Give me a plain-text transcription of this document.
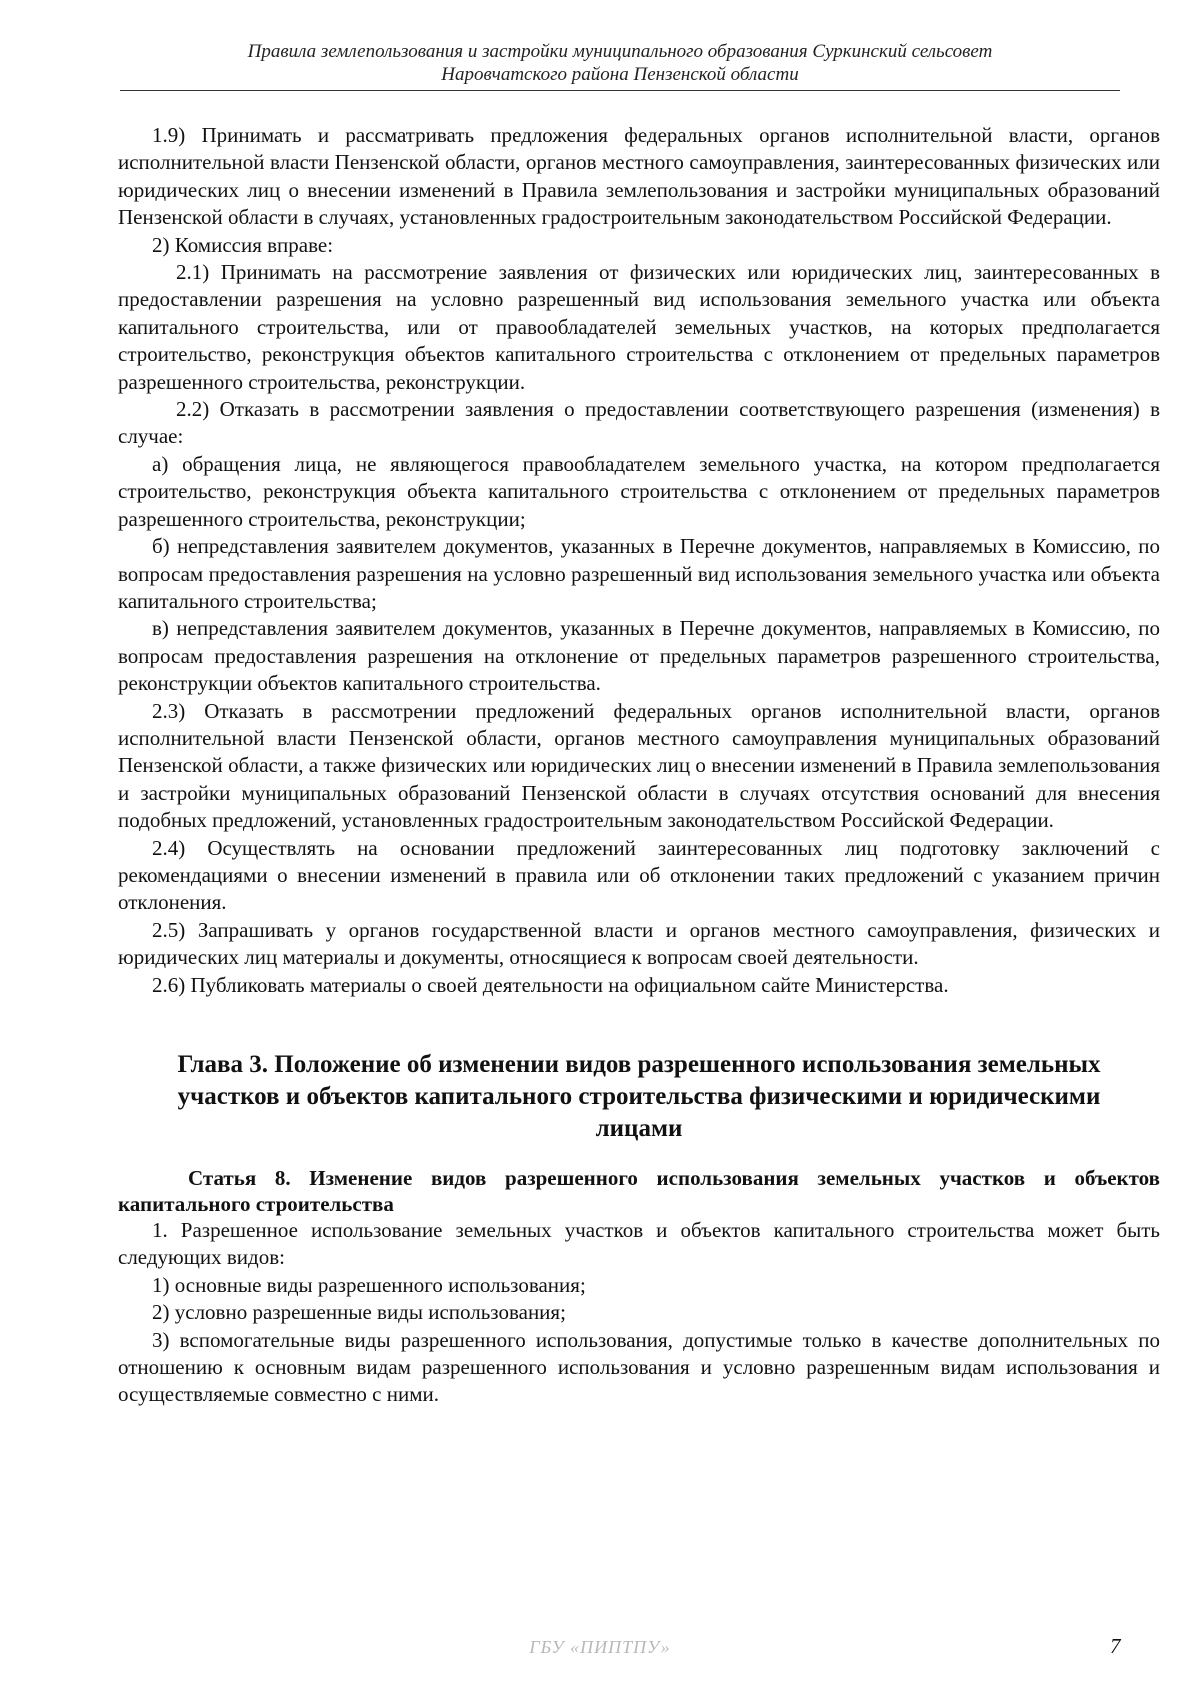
Правила землепользования и застройки муниципального образования Суркинский сельсовет
Наровчатского района Пензенской области

1.9) Принимать и рассматривать предложения федеральных органов исполнительной власти, органов исполнительной власти Пензенской области, органов местного самоуправления, заинтересованных физических или юридических лиц о внесении изменений в Правила землепользования и застройки муниципальных образований Пензенской области в случаях, установленных градостроительным законодательством Российской Федерации.

2) Комиссия вправе:

2.1) Принимать на рассмотрение заявления от физических или юридических лиц, заинтересованных в предоставлении разрешения на условно разрешенный вид использования земельного участка или объекта капитального строительства, или от правообладателей земельных участков, на которых предполагается строительство, реконструкция объектов капитального строительства с отклонением от предельных параметров разрешенного строительства, реконструкции.

2.2) Отказать в рассмотрении заявления о предоставлении соответствующего разрешения (изменения) в случае:

а) обращения лица, не являющегося правообладателем земельного участка, на котором предполагается строительство, реконструкция объекта капитального строительства с отклонением от предельных параметров разрешенного строительства, реконструкции;

б) непредставления заявителем документов, указанных в Перечне документов, направляемых в Комиссию, по вопросам предоставления разрешения на условно разрешенный вид использования земельного участка или объекта капитального строительства;

в) непредставления заявителем документов, указанных в Перечне документов, направляемых в Комиссию, по вопросам предоставления разрешения на отклонение от предельных параметров разрешенного строительства, реконструкции объектов капитального строительства.

2.3) Отказать в рассмотрении предложений федеральных органов исполнительной власти, органов исполнительной власти Пензенской области, органов местного самоуправления муниципальных образований Пензенской области, а также физических или юридических лиц о внесении изменений в Правила землепользования и застройки муниципальных образований Пензенской области в случаях отсутствия оснований для внесения подобных предложений, установленных градостроительным законодательством Российской Федерации.

2.4) Осуществлять на основании предложений заинтересованных лиц подготовку заключений с рекомендациями о внесении изменений в правила или об отклонении таких предложений с указанием причин отклонения.

2.5) Запрашивать у органов государственной власти и органов местного самоуправления, физических и юридических лиц материалы и документы, относящиеся к вопросам своей деятельности.

2.6) Публиковать материалы о своей деятельности на официальном сайте Министерства.

Глава 3. Положение об изменении видов разрешенного использования земельных участков и объектов капитального строительства физическими и юридическими лицами

Статья 8. Изменение видов разрешенного использования земельных участков и объектов капитального строительства

1. Разрешенное использование земельных участков и объектов капитального строительства может быть следующих видов:

1) основные виды разрешенного использования;

2) условно разрешенные виды использования;

3) вспомогательные виды разрешенного использования, допустимые только в качестве дополнительных по отношению к основным видам разрешенного использования и условно разрешенным видам использования и осуществляемые совместно с ними.

ГБУ «ПИПТПУ»	7
